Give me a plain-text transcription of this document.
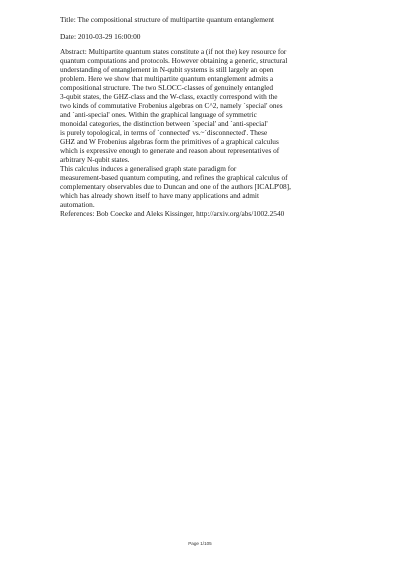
Title: The compositional structure of multipartite quantum entanglement
Date: 2010-03-29 16:00:00
Abstract: Multipartite quantum states constitute a (if not the) key resource for
quantum computations and protocols. However obtaining a generic, structural
understanding of entanglement in N-qubit systems is still largely an open
problem. Here we show that multipartite quantum entanglement admits a
compositional structure. The two SLOCC-classes of genuinely entangled
3-qubit states, the GHZ-class and the W-class, exactly correspond with the
two kinds of commutative Frobenius algebras on C^2, namely `special' ones
and `anti-special' ones. Within the graphical language of symmetric
monoidal categories, the distinction between `special' and `anti-special'
is purely topological, in terms of `connected' vs.~`disconnected'. These
GHZ and W Frobenius algebras form the primitives of a graphical calculus
which is expressive enough to generate and reason about representatives of
arbitrary N-qubit states.
This calculus induces a generalised graph state paradigm for
measurement-based quantum computing, and refines the graphical calculus of
complementary observables due to Duncan and one of the authors [ICALP'08],
which has already shown itself to have many applications and admit
automation.
References: Bob Coecke and Aleks Kissinger, http://arxiv.org/abs/1002.2540
Page 1/105
